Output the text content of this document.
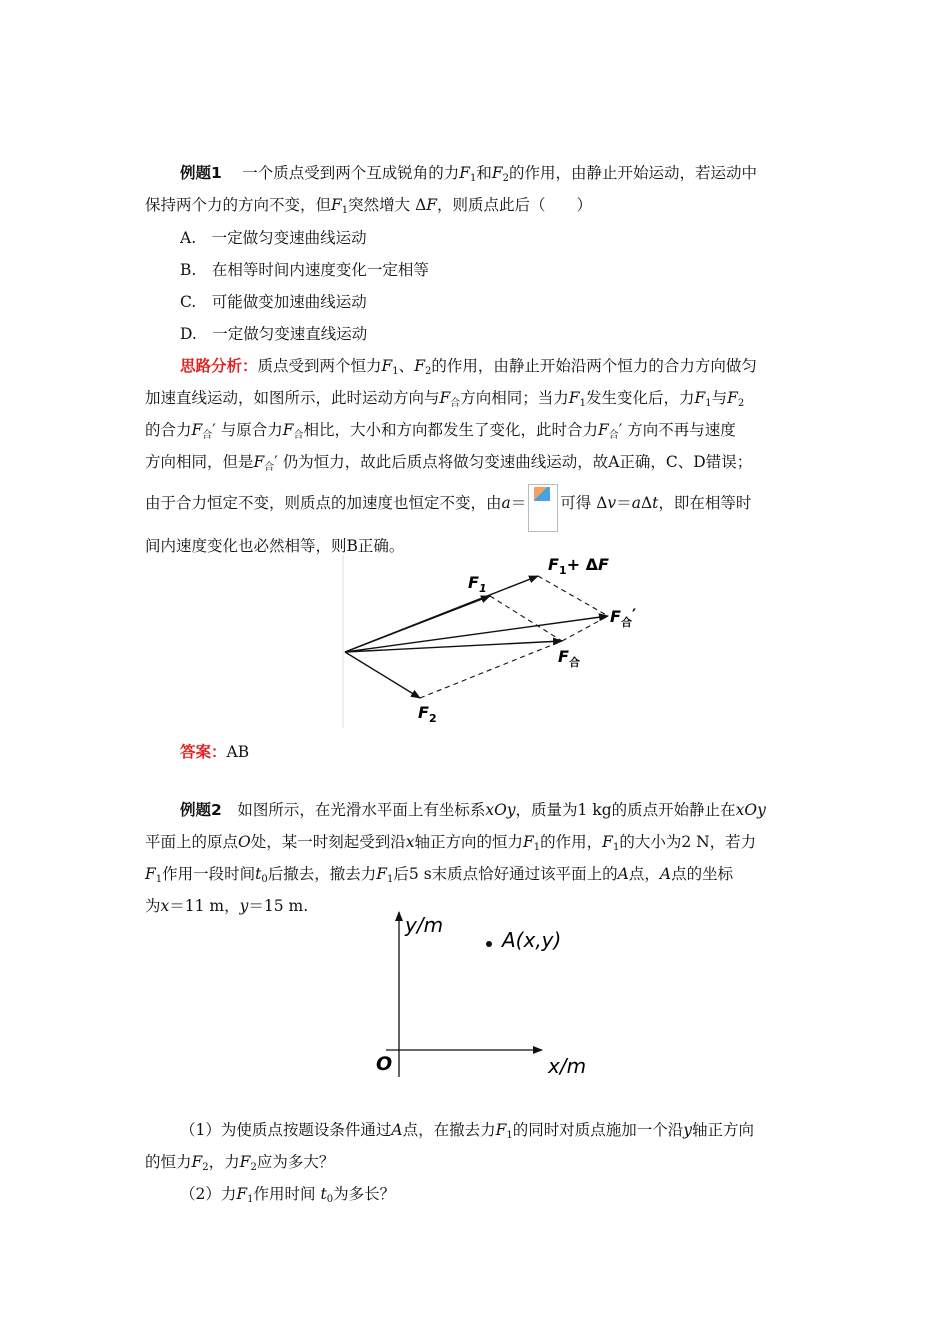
例题1　 一个质点受到两个互成锐角的力$F_1$和$F_2$的作用，由静止开始运动，若运动中
保持两个力的方向不变，但$F_1$突然增大 ΔF，则质点此后（　　）
A.　一定做匀变速曲线运动
B.　在相等时间内速度变化一定相等
C.　可能做变加速曲线运动
D.　一定做匀变速直线运动
思路分析：质点受到两个恒力$F_1$、$F_2$的作用，由静止开始沿两个恒力的合力方向做匀
加速直线运动，如图所示，此时运动方向与$F_合$方向相同；当力$F_1$发生变化后，力$F_1$与$F_2$
的合力$F_合'$ 与原合力$F_合$相比，大小和方向都发生了变化，此时合力$F_合'$ 方向不再与速度
方向相同，但是$F_合'$ 仍为恒力，故此后质点将做匀变速曲线运动，故A正确，C、D错误；
由于合力恒定不变，则质点的加速度也恒定不变，由a＝ 可得 Δv＝aΔt，即在相等时
间内速度变化也必然相等，则B正确。
$F_1$
$F_1+ \Delta F$
$F_合'$
$F_合$
$F_2$
答案：AB
例题2　 如图所示，在光滑水平面上有坐标系xOy，质量为1 kg的质点开始静止在xOy
平面上的原点O处，某一时刻起受到沿x轴正方向的恒力$F_1$的作用，$F_1$的大小为2 N，若力
$F_1$作用一段时间$t_0$后撤去，撤去力$F_1$后5 s末质点恰好通过该平面上的A点，A点的坐标
为x＝11 m，y＝15 m.
y/m
x/m
O
A(x,y)
（1）为使质点按题设条件通过A点，在撤去力$F_1$的同时对质点施加一个沿y轴正方向
的恒力$F_2$，力$F_2$应为多大？
（2）力$F_1$作用时间 $t_0$为多长？
